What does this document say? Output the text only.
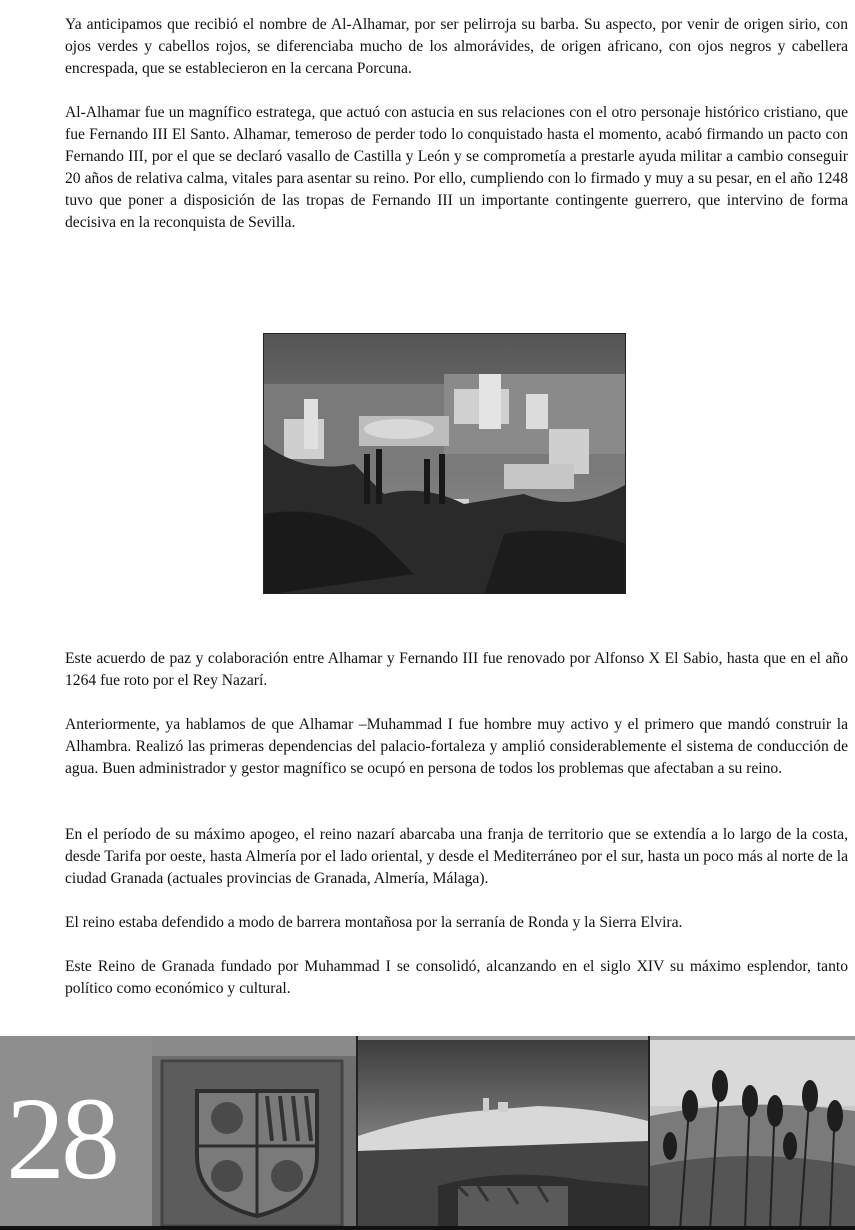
Ya anticipamos que recibió el nombre de Al-Alhamar, por ser pelirroja su barba. Su aspecto, por venir de origen sirio, con ojos verdes y cabellos rojos, se diferenciaba mucho de los almorávides, de origen africano, con ojos negros y cabellera encrespada, que se establecieron en la cercana Porcuna.

Al-Alhamar fue un magnífico estratega, que actuó con astucia en sus relaciones con el otro personaje histórico cristiano, que fue Fernando III El Santo. Alhamar, temeroso de perder todo lo conquistado hasta el momento, acabó firmando un pacto con Fernando III, por el que se declaró vasallo de Castilla y León y se comprometía a prestarle ayuda militar a cambio conseguir 20 años de relativa calma, vitales para asentar su reino. Por ello, cumpliendo con lo firmado y muy a su pesar, en el año 1248 tuvo que poner a disposición de las tropas de Fernando III un importante contingente guerrero, que intervino de forma decisiva en la reconquista de Sevilla.

Este acuerdo de paz y colaboración entre Alhamar y Fernando III fue renovado por Alfonso X El Sabio, hasta que en el año 1264 fue roto por el Rey Nazarí.

Anteriormente, ya hablamos de que Alhamar –Muhammad I fue hombre muy activo y el primero que mandó construir la Alhambra. Realizó las primeras dependencias del palacio-fortaleza y amplió considerablemente el sistema de conducción de agua. Buen administrador y gestor magnífico se ocupó en persona de todos los problemas que afectaban a su reino.

En el período de su máximo apogeo, el reino nazarí abarcaba una franja de territorio que se extendía a lo largo de la costa, desde Tarifa por oeste, hasta Almería por el lado oriental, y desde el Mediterráneo por el sur, hasta un poco más al norte de la ciudad Granada (actuales provincias de Granada, Almería, Málaga).

El reino estaba defendido a modo de barrera montañosa por la serranía de Ronda y la Sierra Elvira.

Este Reino de Granada fundado por Muhammad I se consolidó, alcanzando en el siglo XIV su máximo esplendor, tanto político como económico y cultural.

28
